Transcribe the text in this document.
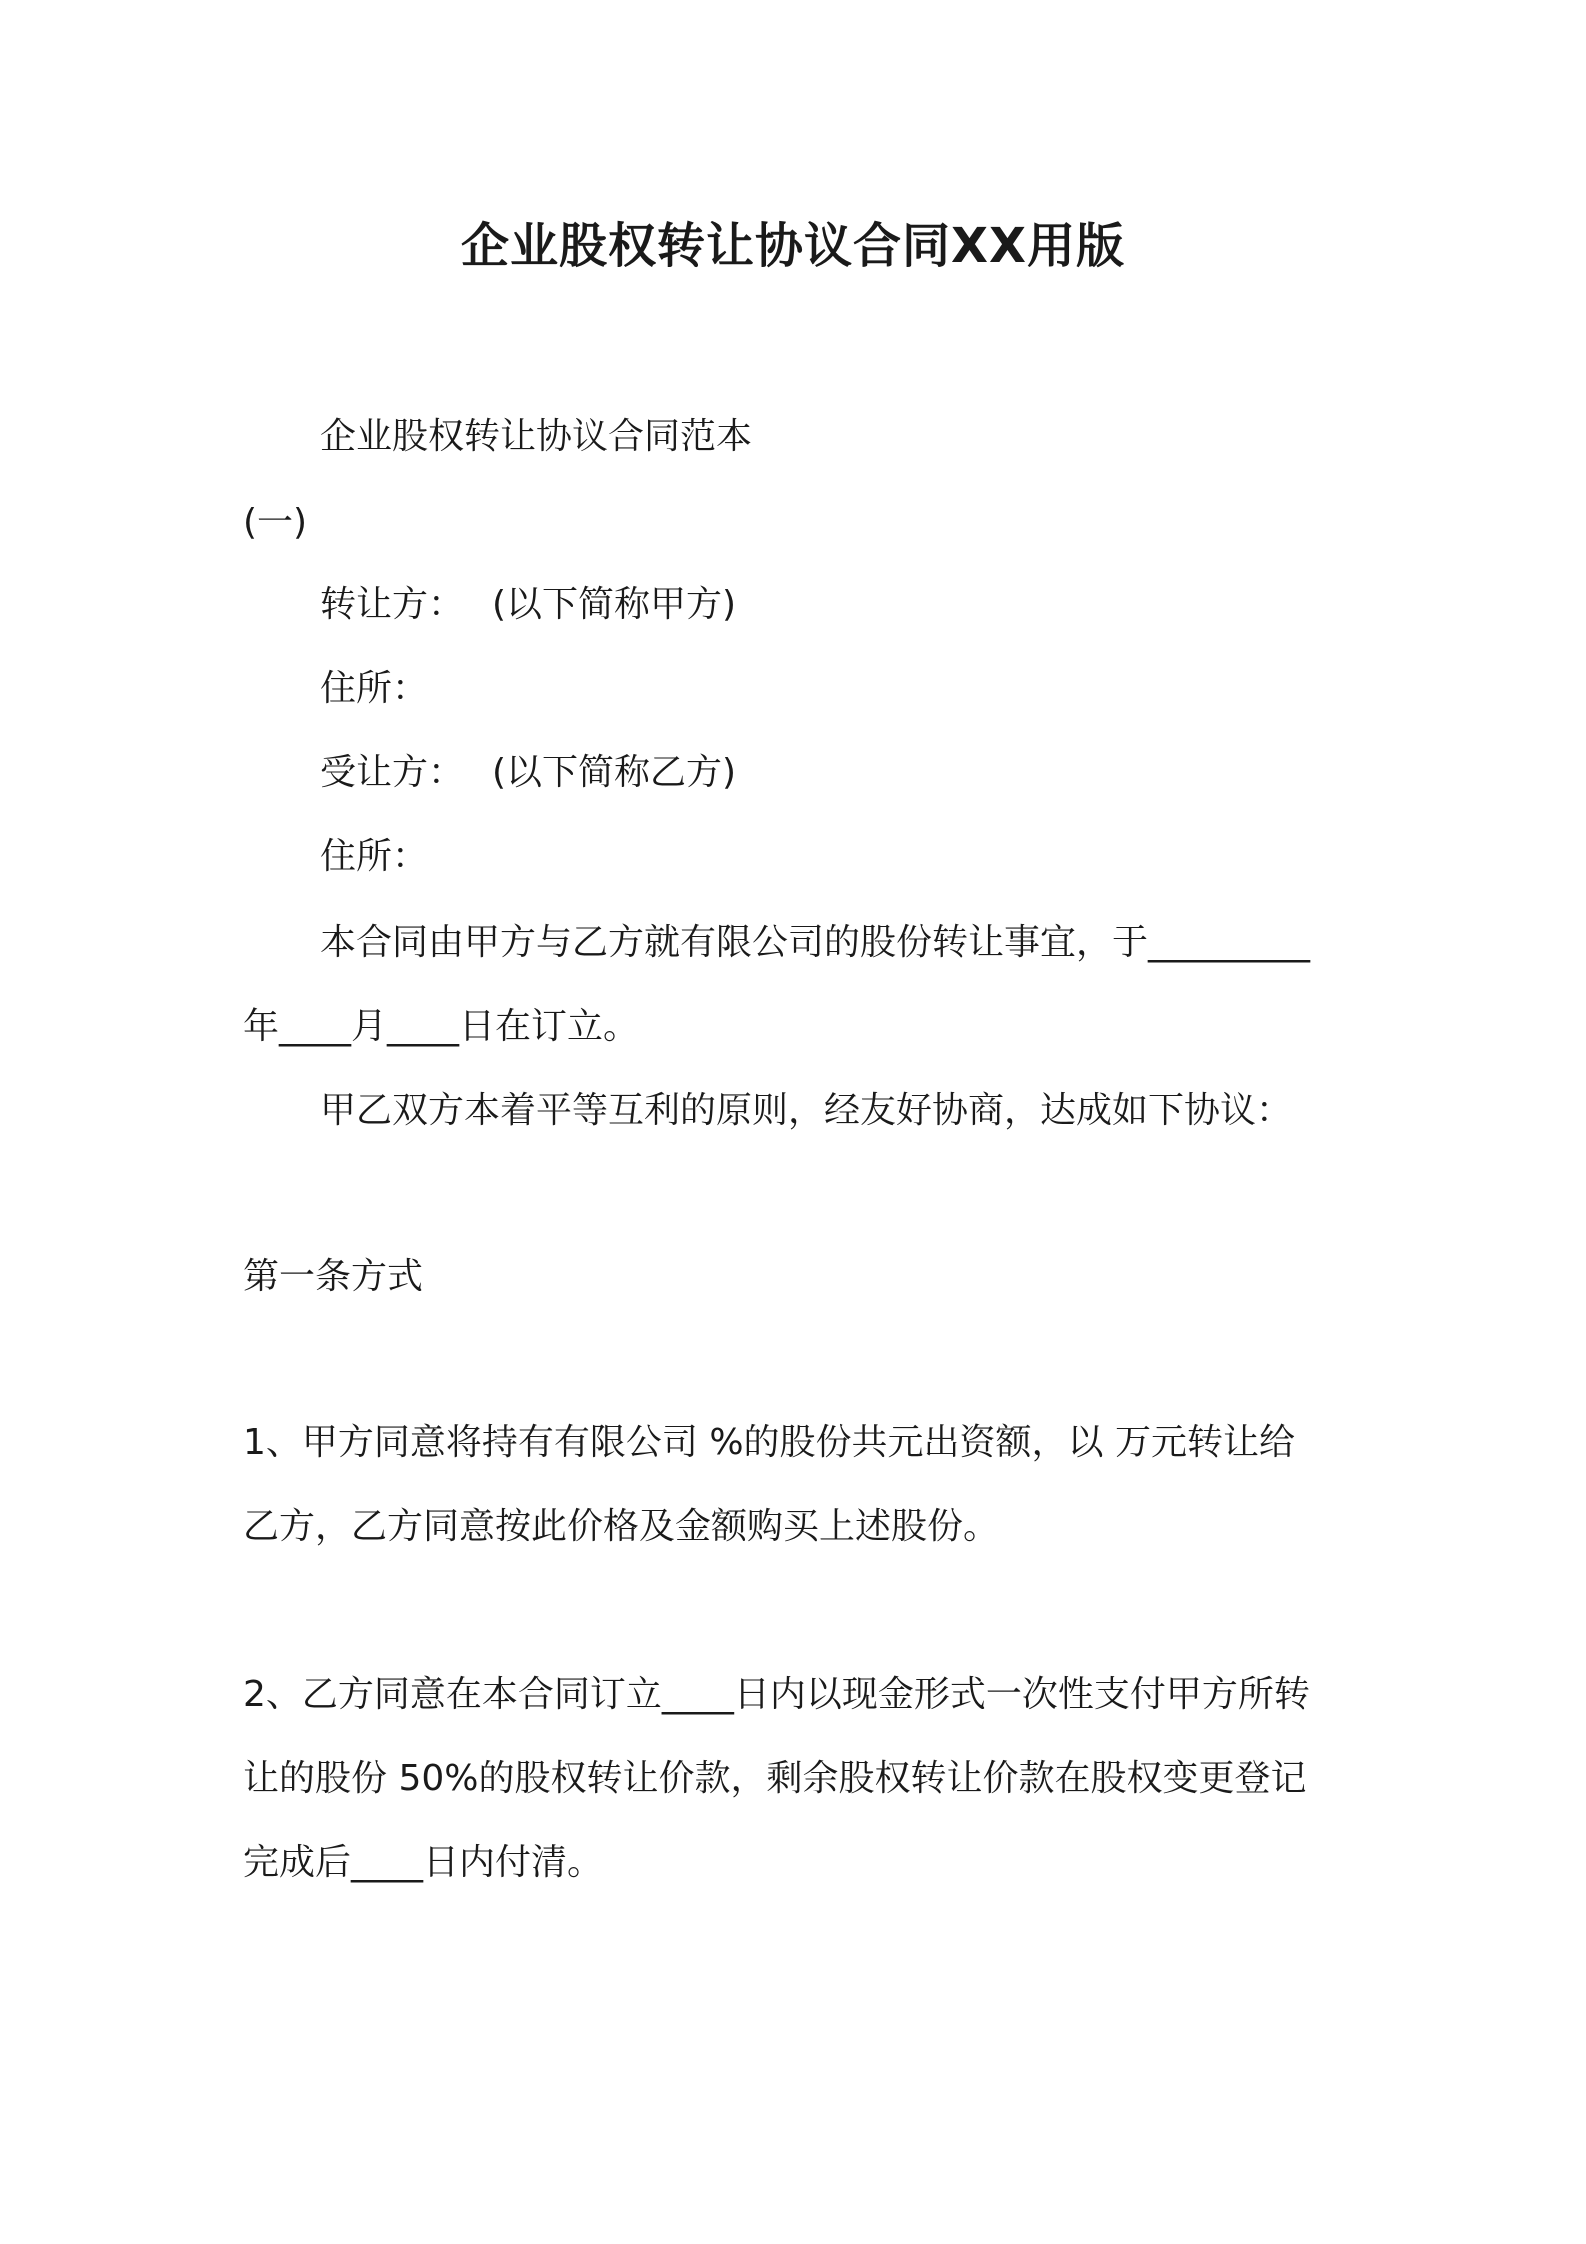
企业股权转让协议合同XX用版
企业股权转让协议合同范本
(一)
转让方： (以下简称甲方)
住所：
受让方： (以下简称乙方)
住所：
本合同由甲方与乙方就有限公司的股份转让事宜，于_________
年____月____日在订立。
甲乙双方本着平等互利的原则，经友好协商，达成如下协议：
第一条方式
1、甲方同意将持有有限公司 %的股份共元出资额，以 万元转让给
乙方，乙方同意按此价格及金额购买上述股份。
2、乙方同意在本合同订立____日内以现金形式一次性支付甲方所转
让的股份 50%的股权转让价款，剩余股权转让价款在股权变更登记
完成后____日内付清。
